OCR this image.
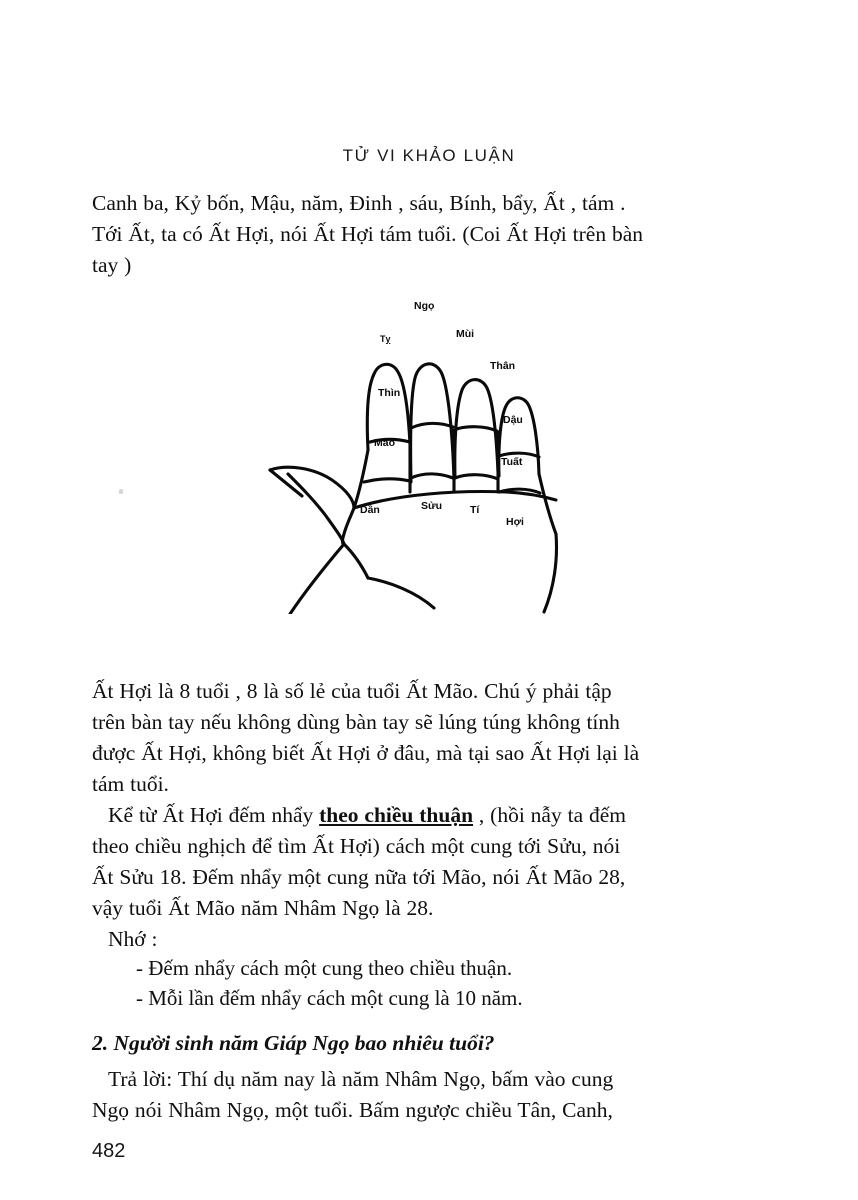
TỬ VI KHẢO LUẬN

Canh ba, Kỷ bốn, Mậu, năm, Đinh , sáu, Bính, bẩy, Ất , tám .

Tới Ất, ta có Ất Hợi, nói Ất Hợi tám tuổi. (Coi Ất Hợi trên bàn

tay )

Tỵ
Ngọ
Mùi
Thân
Thìn
Mão
Dậu
Tuất
Dần	Sửu	Tí
Hợi

Ất Hợi là 8 tuổi , 8 là số lẻ của tuổi Ất Mão. Chú ý phải tập

trên bàn tay nếu không dùng bàn tay sẽ lúng túng không tính

được Ất Hợi, không biết Ất Hợi ở đâu, mà tại sao Ất Hợi lại là

tám tuổi.

Kể từ Ất Hợi đếm nhẩy theo chiều thuận , (hồi nẫy ta đếm

theo chiều nghịch để tìm Ất Hợi) cách một cung tới Sửu, nói

Ất Sửu 18. Đếm nhẩy một cung nữa tới Mão, nói Ất Mão 28,

vậy tuổi Ất Mão năm Nhâm Ngọ là 28.

Nhớ :

- Đếm nhẩy cách một cung theo chiều thuận.

- Mỗi lần đếm nhẩy cách một cung là 10 năm.

2. Người sinh năm Giáp Ngọ bao nhiêu tuổi?

Trả lời: Thí dụ năm nay là năm Nhâm Ngọ, bấm vào cung

Ngọ nói Nhâm Ngọ, một tuổi. Bấm ngược chiều Tân, Canh,

482
